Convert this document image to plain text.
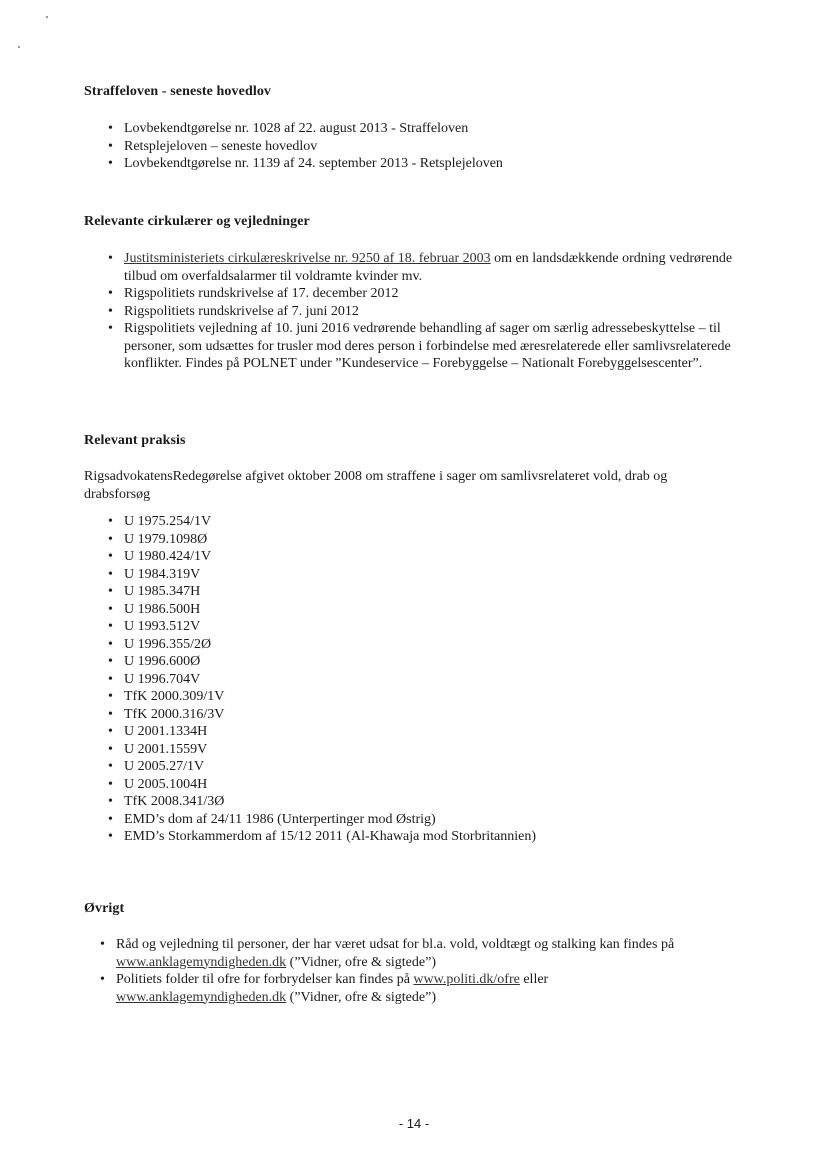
Straffeloven - seneste hovedlov
• Lovbekendtgørelse nr. 1028 af 22. august 2013 - Straffeloven
• Retsplejeloven – seneste hovedlov
• Lovbekendtgørelse nr. 1139 af 24. september 2013 - Retsplejeloven
Relevante cirkulærer og vejledninger
• Justitsministeriets cirkulæreskrivelse nr. 9250 af 18. februar 2003 om en landsdækkende ordning vedrørende tilbud om overfaldsalarmer til voldramte kvinder mv.
• Rigspolitiets rundskrivelse af 17. december 2012
• Rigspolitiets rundskrivelse af 7. juni 2012
• Rigspolitiets vejledning af 10. juni 2016 vedrørende behandling af sager om særlig adressebeskyttelse – til personer, som udsættes for trusler mod deres person i forbindelse med æresrelaterede eller samlivsrelaterede konflikter. Findes på POLNET under ”Kundeservice – Forebyggelse – Nationalt Forebyggelsescenter”.
Relevant praksis
RigsadvokatensRedegørelse afgivet oktober 2008 om straffene i sager om samlivsrelateret vold, drab og drabsforsøg
• U 1975.254/1V
• U 1979.1098Ø
• U 1980.424/1V
• U 1984.319V
• U 1985.347H
• U 1986.500H
• U 1993.512V
• U 1996.355/2Ø
• U 1996.600Ø
• U 1996.704V
• TfK 2000.309/1V
• TfK 2000.316/3V
• U 2001.1334H
• U 2001.1559V
• U 2005.27/1V
• U 2005.1004H
• TfK 2008.341/3Ø
• EMD’s dom af 24/11 1986 (Unterpertinger mod Østrig)
• EMD’s Storkammerdom af 15/12 2011 (Al-Khawaja mod Storbritannien)
Øvrigt
• Råd og vejledning til personer, der har været udsat for bl.a. vold, voldtægt og stalking kan findes på www.anklagemyndigheden.dk (”Vidner, ofre & sigtede”)
• Politiets folder til ofre for forbrydelser kan findes på www.politi.dk/ofre eller www.anklagemyndigheden.dk (”Vidner, ofre & sigtede”)
- 14 -
